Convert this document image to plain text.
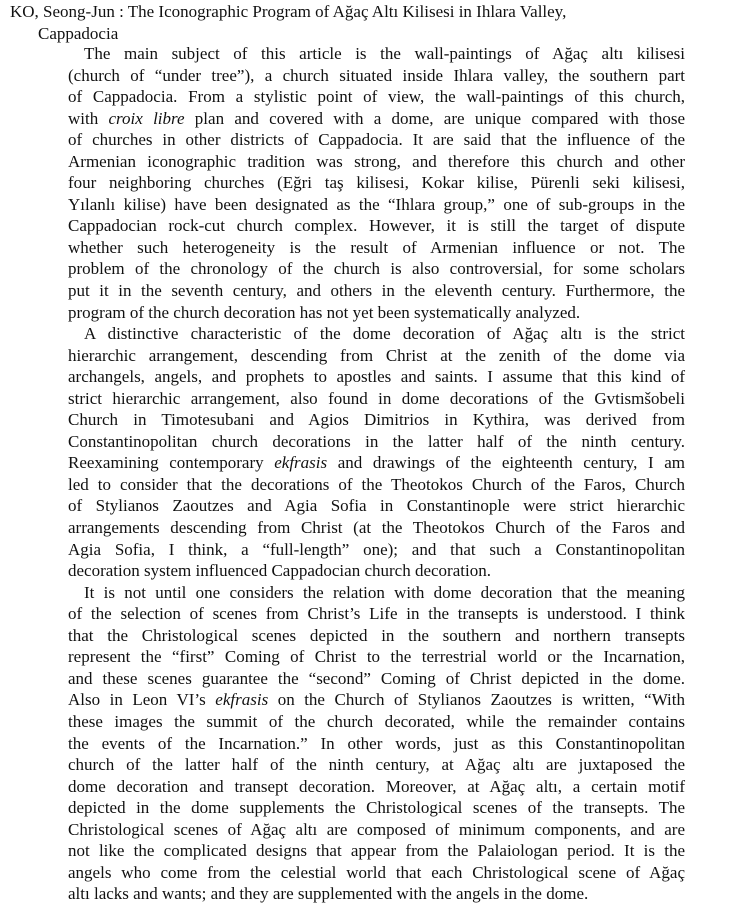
KO, Seong-Jun : The Iconographic Program of Ağaç Altı Kilisesi in Ihlara Valley,
Cappadocia
The main subject of this article is the wall-paintings of Ağaç altı kilisesi
(church of “under tree”), a church situated inside Ihlara valley, the southern part
of Cappadocia. From a stylistic point of view, the wall-paintings of this church,
with croix libre plan and covered with a dome, are unique compared with those
of churches in other districts of Cappadocia. It are said that the influence of the
Armenian iconographic tradition was strong, and therefore this church and other
four neighboring churches (Eğri taş kilisesi, Kokar kilise, Pürenli seki kilisesi,
Yılanlı kilise) have been designated as the “Ihlara group,” one of sub-groups in the
Cappadocian rock-cut church complex. However, it is still the target of dispute
whether such heterogeneity is the result of Armenian influence or not. The
problem of the chronology of the church is also controversial, for some scholars
put it in the seventh century, and others in the eleventh century. Furthermore, the
program of the church decoration has not yet been systematically analyzed.
A distinctive characteristic of the dome decoration of Ağaç altı is the strict
hierarchic arrangement, descending from Christ at the zenith of the dome via
archangels, angels, and prophets to apostles and saints. I assume that this kind of
strict hierarchic arrangement, also found in dome decorations of the Gvtismšobeli
Church in Timotesubani and Agios Dimitrios in Kythira, was derived from
Constantinopolitan church decorations in the latter half of the ninth century.
Reexamining contemporary ekfrasis and drawings of the eighteenth century, I am
led to consider that the decorations of the Theotokos Church of the Faros, Church
of Stylianos Zaoutzes and Agia Sofia in Constantinople were strict hierarchic
arrangements descending from Christ (at the Theotokos Church of the Faros and
Agia Sofia, I think, a “full-length” one); and that such a Constantinopolitan
decoration system influenced Cappadocian church decoration.
It is not until one considers the relation with dome decoration that the meaning
of the selection of scenes from Christ’s Life in the transepts is understood. I think
that the Christological scenes depicted in the southern and northern transepts
represent the “first” Coming of Christ to the terrestrial world or the Incarnation,
and these scenes guarantee the “second” Coming of Christ depicted in the dome.
Also in Leon VI’s ekfrasis on the Church of Stylianos Zaoutzes is written, “With
these images the summit of the church decorated, while the remainder contains
the events of the Incarnation.” In other words, just as this Constantinopolitan
church of the latter half of the ninth century, at Ağaç altı are juxtaposed the
dome decoration and transept decoration. Moreover, at Ağaç altı, a certain motif
depicted in the dome supplements the Christological scenes of the transepts. The
Christological scenes of Ağaç altı are composed of minimum components, and are
not like the complicated designs that appear from the Palaiologan period. It is the
angels who come from the celestial world that each Christological scene of Ağaç
altı lacks and wants; and they are supplemented with the angels in the dome.
